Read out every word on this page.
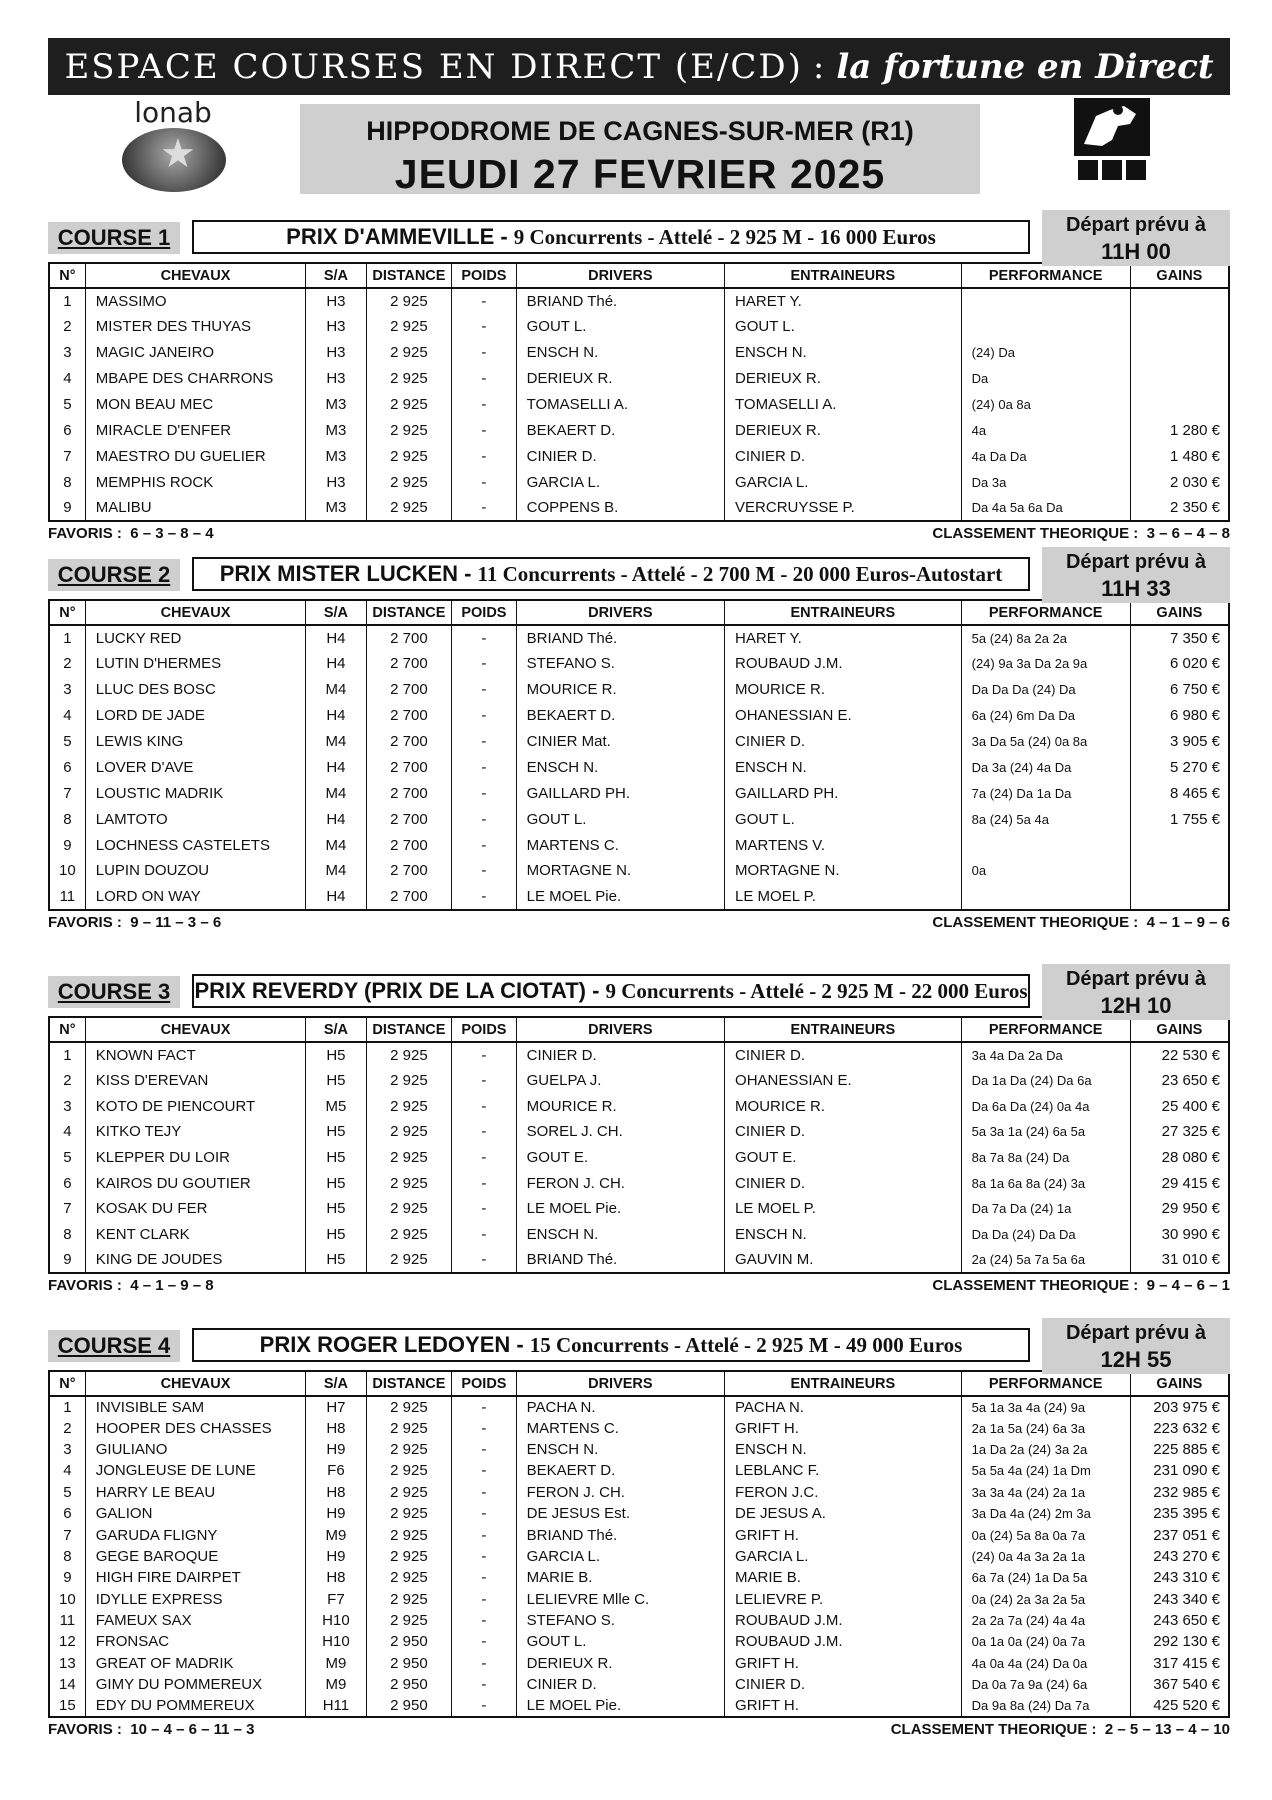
ESPACE COURSES EN DIRECT (E/CD) : la fortune en Direct
★
lonab
HIPPODROME DE CAGNES-SUR-MER (R1)
JEUDI 27 FEVRIER 2025
COURSE 1	PRIX D'AMMEVILLE - 9 Concurrents - Attelé - 2 925 M - 16 000 Euros	Départ prévu à
11H 00
N°	CHEVAUX	S/A	DISTANCE	POIDS	DRIVERS	ENTRAINEURS	PERFORMANCE	GAINS
1	MASSIMO	H3	2 925	-	BRIAND Thé.	HARET Y.		
2	MISTER DES THUYAS	H3	2 925	-	GOUT L.	GOUT L.		
3	MAGIC JANEIRO	H3	2 925	-	ENSCH N.	ENSCH N.	(24) Da	
4	MBAPE DES CHARRONS	H3	2 925	-	DERIEUX R.	DERIEUX R.	Da	
5	MON BEAU MEC	M3	2 925	-	TOMASELLI A.	TOMASELLI A.	(24) 0a 8a	
6	MIRACLE D'ENFER	M3	2 925	-	BEKAERT D.	DERIEUX R.	4a	1 280 €
7	MAESTRO DU GUELIER	M3	2 925	-	CINIER D.	CINIER D.	4a Da Da	1 480 €
8	MEMPHIS ROCK	H3	2 925	-	GARCIA L.	GARCIA L.	Da 3a	2 030 €
9	MALIBU	M3	2 925	-	COPPENS B.	VERCRUYSSE P.	Da 4a 5a 6a Da	2 350 €
FAVORIS : 6 – 3 – 8 – 4	CLASSEMENT THEORIQUE : 3 – 6 – 4 – 8
COURSE 2	PRIX MISTER LUCKEN - 11 Concurrents - Attelé - 2 700 M - 20 000 Euros-Autostart	Départ prévu à
11H 33
N°	CHEVAUX	S/A	DISTANCE	POIDS	DRIVERS	ENTRAINEURS	PERFORMANCE	GAINS
1	LUCKY RED	H4	2 700	-	BRIAND Thé.	HARET Y.	5a (24) 8a 2a 2a	7 350 €
2	LUTIN D'HERMES	H4	2 700	-	STEFANO S.	ROUBAUD J.M.	(24) 9a 3a Da 2a 9a	6 020 €
3	LLUC DES BOSC	M4	2 700	-	MOURICE R.	MOURICE R.	Da Da Da (24) Da	6 750 €
4	LORD DE JADE	H4	2 700	-	BEKAERT D.	OHANESSIAN E.	6a (24) 6m Da Da	6 980 €
5	LEWIS KING	M4	2 700	-	CINIER Mat.	CINIER D.	3a Da 5a (24) 0a 8a	3 905 €
6	LOVER D'AVE	H4	2 700	-	ENSCH N.	ENSCH N.	Da 3a (24) 4a Da	5 270 €
7	LOUSTIC MADRIK	M4	2 700	-	GAILLARD PH.	GAILLARD PH.	7a (24) Da 1a Da	8 465 €
8	LAMTOTO	H4	2 700	-	GOUT L.	GOUT L.	8a (24) 5a 4a	1 755 €
9	LOCHNESS CASTELETS	M4	2 700	-	MARTENS C.	MARTENS V.		
10	LUPIN DOUZOU	M4	2 700	-	MORTAGNE N.	MORTAGNE N.	0a	
11	LORD ON WAY	H4	2 700	-	LE MOEL Pie.	LE MOEL P.		
FAVORIS : 9 – 11 – 3 – 6	CLASSEMENT THEORIQUE : 4 – 1 – 9 – 6
COURSE 3	PRIX REVERDY (PRIX DE LA CIOTAT) - 9 Concurrents - Attelé - 2 925 M - 22 000 Euros	Départ prévu à
12H 10
N°	CHEVAUX	S/A	DISTANCE	POIDS	DRIVERS	ENTRAINEURS	PERFORMANCE	GAINS
1	KNOWN FACT	H5	2 925	-	CINIER D.	CINIER D.	3a 4a Da 2a Da	22 530 €
2	KISS D'EREVAN	H5	2 925	-	GUELPA J.	OHANESSIAN E.	Da 1a Da (24) Da 6a	23 650 €
3	KOTO DE PIENCOURT	M5	2 925	-	MOURICE R.	MOURICE R.	Da 6a Da (24) 0a 4a	25 400 €
4	KITKO TEJY	H5	2 925	-	SOREL J. CH.	CINIER D.	5a 3a 1a (24) 6a 5a	27 325 €
5	KLEPPER DU LOIR	H5	2 925	-	GOUT E.	GOUT E.	8a 7a 8a (24) Da	28 080 €
6	KAIROS DU GOUTIER	H5	2 925	-	FERON J. CH.	CINIER D.	8a 1a 6a 8a (24) 3a	29 415 €
7	KOSAK DU FER	H5	2 925	-	LE MOEL Pie.	LE MOEL P.	Da 7a Da (24) 1a	29 950 €
8	KENT CLARK	H5	2 925	-	ENSCH N.	ENSCH N.	Da Da (24) Da Da	30 990 €
9	KING DE JOUDES	H5	2 925	-	BRIAND Thé.	GAUVIN M.	2a (24) 5a 7a 5a 6a	31 010 €
FAVORIS : 4 – 1 – 9 – 8	CLASSEMENT THEORIQUE : 9 – 4 – 6 – 1
COURSE 4	PRIX ROGER LEDOYEN - 15 Concurrents - Attelé - 2 925 M - 49 000 Euros	Départ prévu à
12H 55
N°	CHEVAUX	S/A	DISTANCE	POIDS	DRIVERS	ENTRAINEURS	PERFORMANCE	GAINS
1	INVISIBLE SAM	H7	2 925	-	PACHA N.	PACHA N.	5a 1a 3a 4a (24) 9a	203 975 €
2	HOOPER DES CHASSES	H8	2 925	-	MARTENS C.	GRIFT H.	2a 1a 5a (24) 6a 3a	223 632 €
3	GIULIANO	H9	2 925	-	ENSCH N.	ENSCH N.	1a Da 2a (24) 3a 2a	225 885 €
4	JONGLEUSE DE LUNE	F6	2 925	-	BEKAERT D.	LEBLANC F.	5a 5a 4a (24) 1a Dm	231 090 €
5	HARRY LE BEAU	H8	2 925	-	FERON J. CH.	FERON J.C.	3a 3a 4a (24) 2a 1a	232 985 €
6	GALION	H9	2 925	-	DE JESUS Est.	DE JESUS A.	3a Da 4a (24) 2m 3a	235 395 €
7	GARUDA FLIGNY	M9	2 925	-	BRIAND Thé.	GRIFT H.	0a (24) 5a 8a 0a 7a	237 051 €
8	GEGE BAROQUE	H9	2 925	-	GARCIA L.	GARCIA L.	(24) 0a 4a 3a 2a 1a	243 270 €
9	HIGH FIRE DAIRPET	H8	2 925	-	MARIE B.	MARIE B.	6a 7a (24) 1a Da 5a	243 310 €
10	IDYLLE EXPRESS	F7	2 925	-	LELIEVRE Mlle C.	LELIEVRE P.	0a (24) 2a 3a 2a 5a	243 340 €
11	FAMEUX SAX	H10	2 925	-	STEFANO S.	ROUBAUD J.M.	2a 2a 7a (24) 4a 4a	243 650 €
12	FRONSAC	H10	2 950	-	GOUT L.	ROUBAUD J.M.	0a 1a 0a (24) 0a 7a	292 130 €
13	GREAT OF MADRIK	M9	2 950	-	DERIEUX R.	GRIFT H.	4a 0a 4a (24) Da 0a	317 415 €
14	GIMY DU POMMEREUX	M9	2 950	-	CINIER D.	CINIER D.	Da 0a 7a 9a (24) 6a	367 540 €
15	EDY DU POMMEREUX	H11	2 950	-	LE MOEL Pie.	GRIFT H.	Da 9a 8a (24) Da 7a	425 520 €
FAVORIS : 10 – 4 – 6 – 11 – 3	CLASSEMENT THEORIQUE : 2 – 5 – 13 – 4 – 10
